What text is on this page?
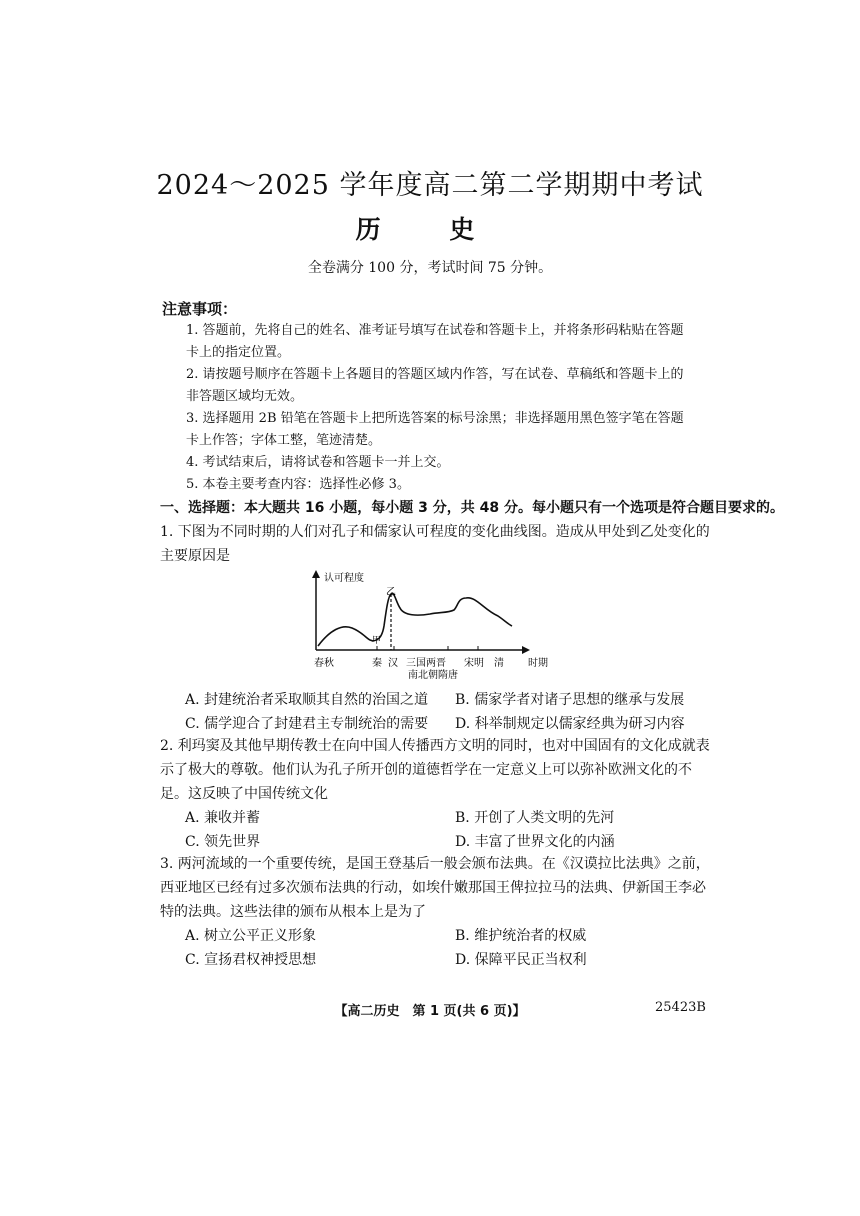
2024～2025 学年度高二第二学期期中考试
历 史
全卷满分 100 分，考试时间 75 分钟。
注意事项：

1. 答题前，先将自己的姓名、准考证号填写在试卷和答题卡上，并将条形码粘贴在答题卡上的指定位置。

2. 请按题号顺序在答题卡上各题目的答题区域内作答，写在试卷、草稿纸和答题卡上的非答题区域均无效。

3. 选择题用 2B 铅笔在答题卡上把所选答案的标号涂黑；非选择题用黑色签字笔在答题卡上作答；字体工整，笔迹清楚。

4. 考试结束后，请将试卷和答题卡一并上交。

5. 本卷主要考查内容：选择性必修 3。

一、选择题：本大题共 16 小题，每小题 3 分，共 48 分。每小题只有一个选项是符合题目要求的。

1. 下图为不同时期的人们对孔子和儒家认可程度的变化曲线图。造成从甲处到乙处变化的主要原因是

认可程度
乙
甲
春秋	秦 汉 三国两晋 宋明 清 时期
南北朝隋唐
A. 封建统治者采取顺其自然的治国之道	B. 儒家学者对诸子思想的继承与发展
C. 儒学迎合了封建君主专制统治的需要	D. 科举制规定以儒家经典为研习内容

2. 利玛窦及其他早期传教士在向中国人传播西方文明的同时，也对中国固有的文化成就表示了极大的尊敬。他们认为孔子所开创的道德哲学在一定意义上可以弥补欧洲文化的不足。这反映了中国传统文化

A. 兼收并蓄	B. 开创了人类文明的先河
C. 领先世界	D. 丰富了世界文化的内涵

3. 两河流域的一个重要传统，是国王登基后一般会颁布法典。在《汉谟拉比法典》之前，西亚地区已经有过多次颁布法典的行动，如埃什嫩那国王俾拉拉马的法典、伊新国王李必特的法典。这些法律的颁布从根本上是为了

A. 树立公平正义形象	B. 维护统治者的权威
C. 宣扬君权神授思想	D. 保障平民正当权利
【高二历史　第 1 页(共 6 页)】	25423B
